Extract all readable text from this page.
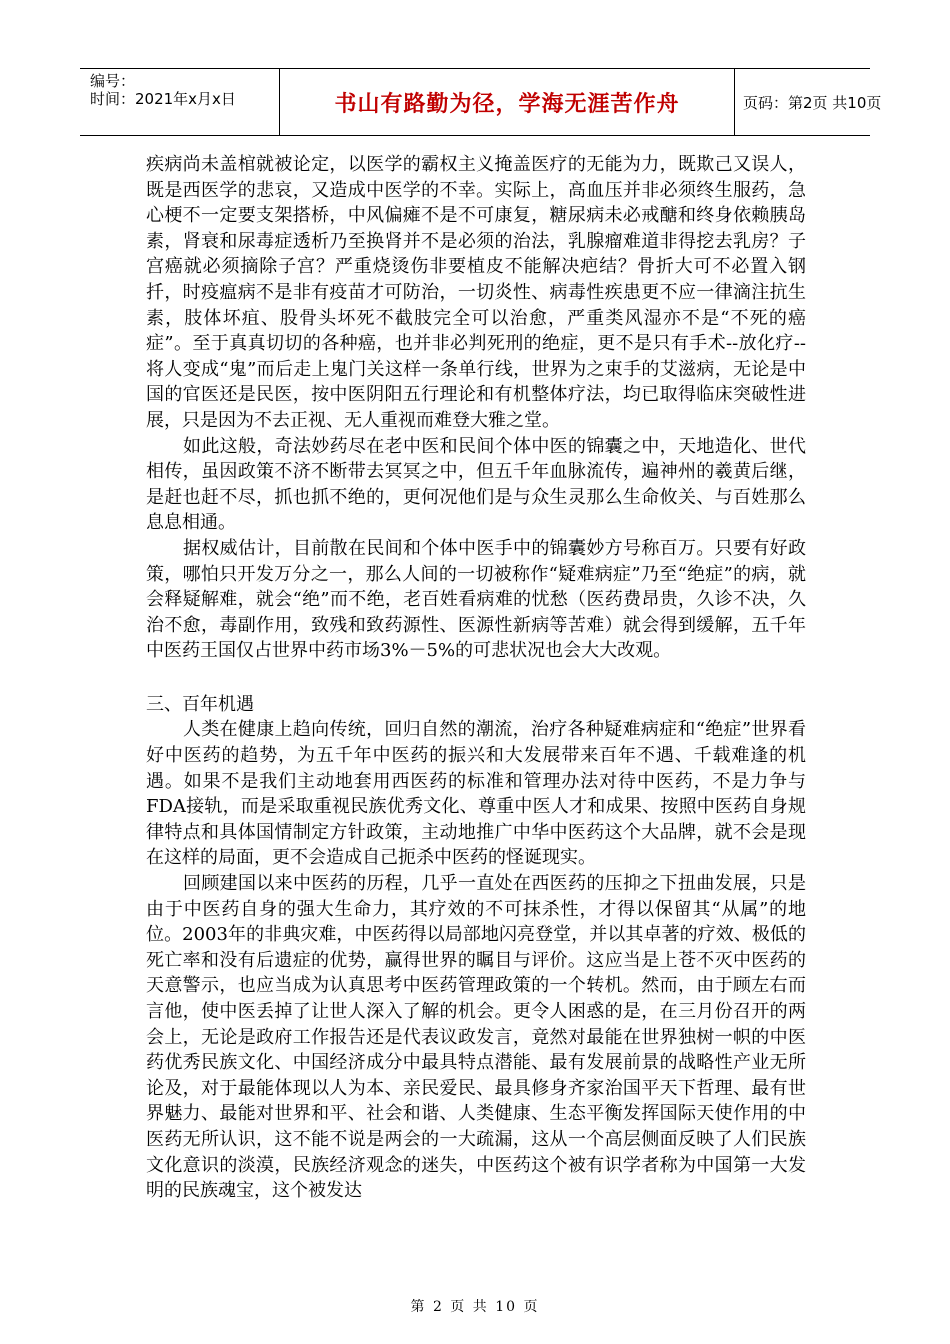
编号：
时间：2021年x月x日	书山有路勤为径，学海无涯苦作舟	页码：第2页 共10页

疾病尚未盖棺就被论定，以医学的霸权主义掩盖医疗的无能为力，既欺己又误人，既是西医学的悲哀，又造成中医学的不幸。实际上，高血压并非必须终生服药，急心梗不一定要支架搭桥，中风偏瘫不是不可康复，糖尿病未必戒醣和终身依赖胰岛素，肾衰和尿毒症透析乃至换肾并不是必须的治法，乳腺瘤难道非得挖去乳房？子宫癌就必须摘除子宫？严重烧烫伤非要植皮不能解决疤结？骨折大可不必置入钢扦，时疫瘟病不是非有疫苗才可防治，一切炎性、病毒性疾患更不应一律滴注抗生素，肢体坏疽、股骨头坏死不截肢完全可以治愈，严重类风湿亦不是“不死的癌症”。至于真真切切的各种癌，也并非必判死刑的绝症，更不是只有手术--放化疗--将人变成“鬼”而后走上鬼门关这样一条单行线，世界为之束手的艾滋病，无论是中国的官医还是民医，按中医阴阳五行理论和有机整体疗法，均已取得临床突破性进展，只是因为不去正视、无人重视而难登大雅之堂。

如此这般，奇法妙药尽在老中医和民间个体中医的锦囊之中，天地造化、世代相传，虽因政策不济不断带去冥冥之中，但五千年血脉流传，遍神州的羲黄后继，是赶也赶不尽，抓也抓不绝的，更何况他们是与众生灵那么生命攸关、与百姓那么息息相通。

据权威估计，目前散在民间和个体中医手中的锦囊妙方号称百万。只要有好政策，哪怕只开发万分之一，那么人间的一切被称作“疑难病症”乃至“绝症”的病，就会释疑解难，就会“绝”而不绝，老百姓看病难的忧愁（医药费昂贵，久诊不决，久治不愈，毒副作用，致残和致药源性、医源性新病等苦难）就会得到缓解，五千年中医药王国仅占世界中药市场3%－5%的可悲状况也会大大改观。

三、百年机遇

人类在健康上趋向传统，回归自然的潮流，治疗各种疑难病症和“绝症”世界看好中医药的趋势，为五千年中医药的振兴和大发展带来百年不遇、千载难逢的机遇。如果不是我们主动地套用西医药的标准和管理办法对待中医药，不是力争与FDA接轨，而是采取重视民族优秀文化、尊重中医人才和成果、按照中医药自身规律特点和具体国情制定方针政策，主动地推广中华中医药这个大品牌，就不会是现在这样的局面，更不会造成自己扼杀中医药的怪诞现实。

回顾建国以来中医药的历程，几乎一直处在西医药的压抑之下扭曲发展，只是由于中医药自身的强大生命力，其疗效的不可抹杀性，才得以保留其“从属”的地位。2003年的非典灾难，中医药得以局部地闪亮登堂，并以其卓著的疗效、极低的死亡率和没有后遗症的优势，赢得世界的瞩目与评价。这应当是上苍不灭中医药的天意警示，也应当成为认真思考中医药管理政策的一个转机。然而，由于顾左右而言他，使中医丢掉了让世人深入了解的机会。更令人困惑的是，在三月份召开的两会上，无论是政府工作报告还是代表议政发言，竟然对最能在世界独树一帜的中医药优秀民族文化、中国经济成分中最具特点潜能、最有发展前景的战略性产业无所论及，对于最能体现以人为本、亲民爱民、最具修身齐家治国平天下哲理、最有世界魅力、最能对世界和平、社会和谐、人类健康、生态平衡发挥国际天使作用的中医药无所认识，这不能不说是两会的一大疏漏，这从一个高层侧面反映了人们民族文化意识的淡漠，民族经济观念的迷失，中医药这个被有识学者称为中国第一大发明的民族魂宝，这个被发达

第 2 页 共 10 页
